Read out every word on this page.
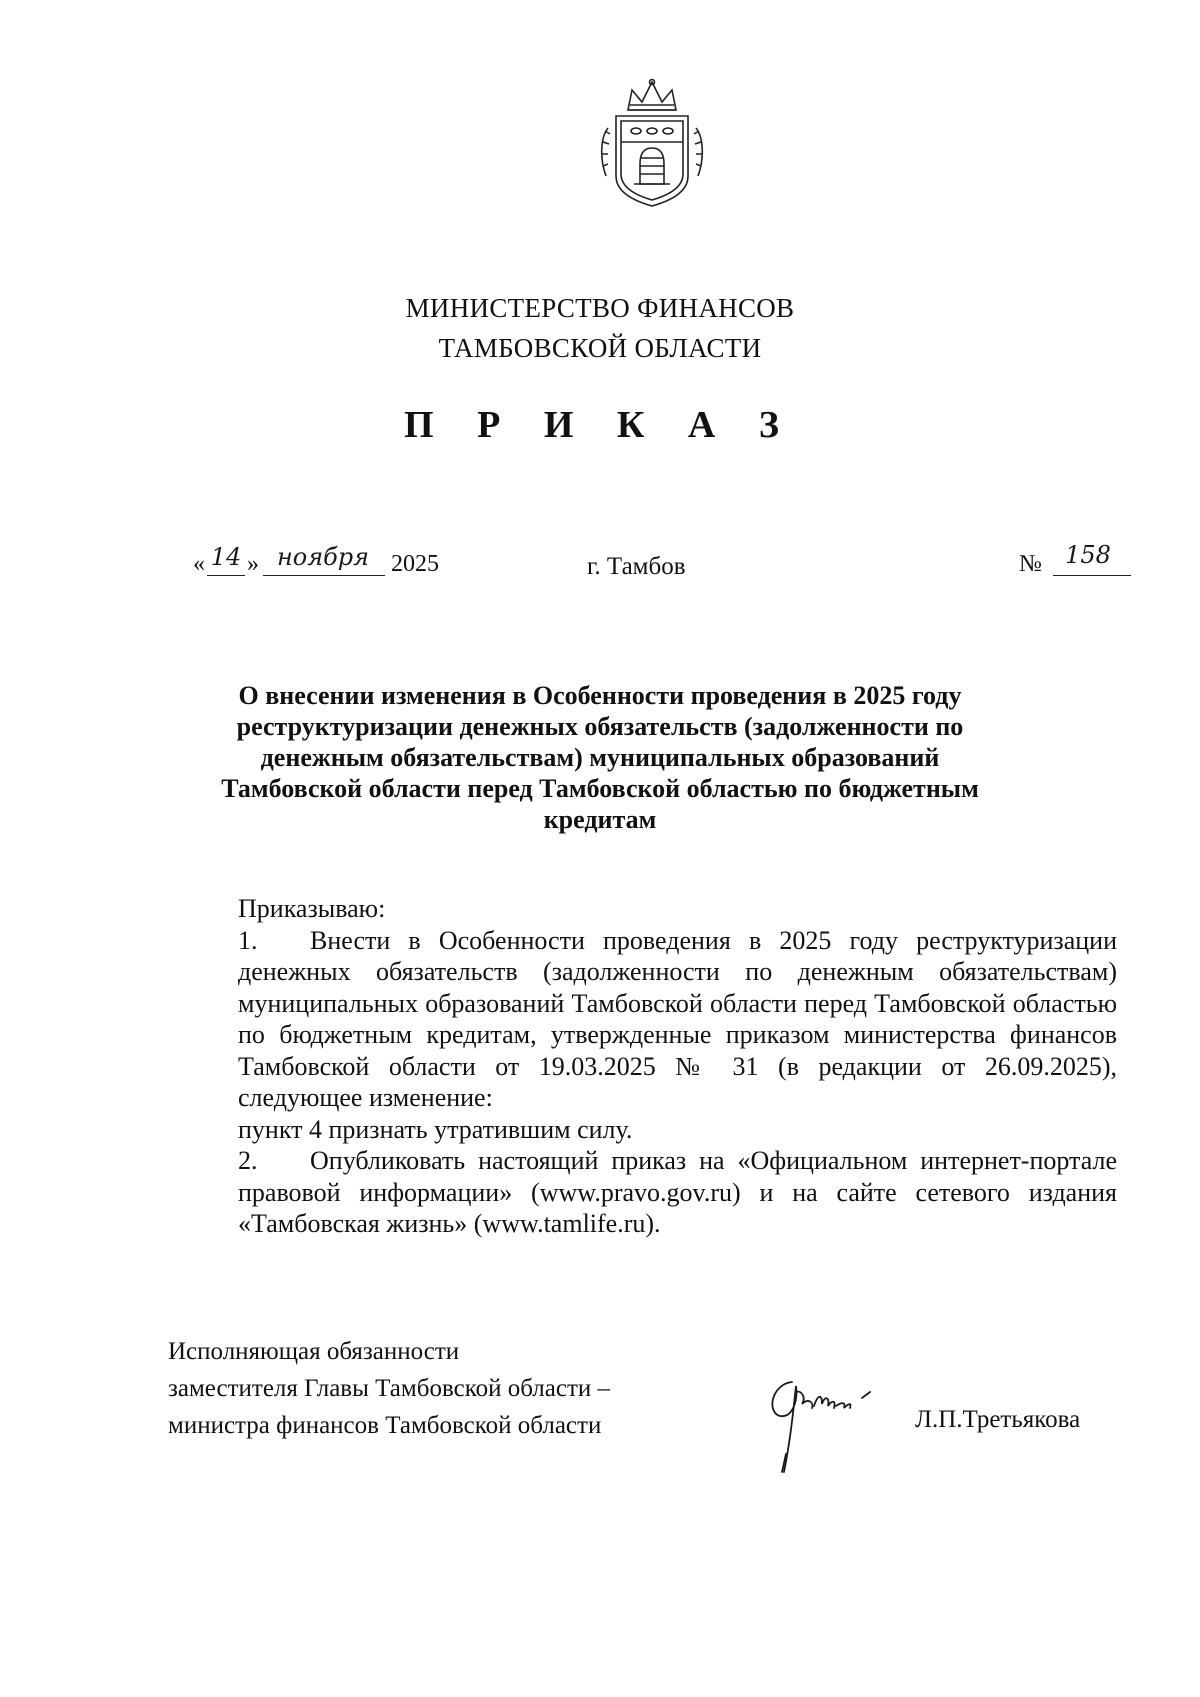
МИНИСТЕРСТВО ФИНАНСОВ
ТАМБОВСКОЙ ОБЛАСТИ
П Р И К А З
« 14 » ноября 2025	г. Тамбов	№ 158
О внесении изменения в Особенности проведения в 2025 году
реструктуризации денежных обязательств (задолженности по
денежным обязательствам) муниципальных образований
Тамбовской области перед Тамбовской областью по бюджетным
кредитам

Приказываю:

1. Внести в Особенности проведения в 2025 году реструктуризации денежных обязательств (задолженности по денежным обязательствам) муниципальных образований Тамбовской области перед Тамбовской областью по бюджетным кредитам, утвержденные приказом министерства финансов Тамбовской области от 19.03.2025 № 31 (в редакции от 26.09.2025), следующее изменение:

пункт 4 признать утратившим силу.

2. Опубликовать настоящий приказ на «Официальном интернет-портале правовой информации» (www.pravo.gov.ru) и на сайте сетевого издания «Тамбовская жизнь» (www.tamlife.ru).

Исполняющая обязанности
заместителя Главы Тамбовской области –
министра финансов Тамбовской области	Л.П.Третьякова
